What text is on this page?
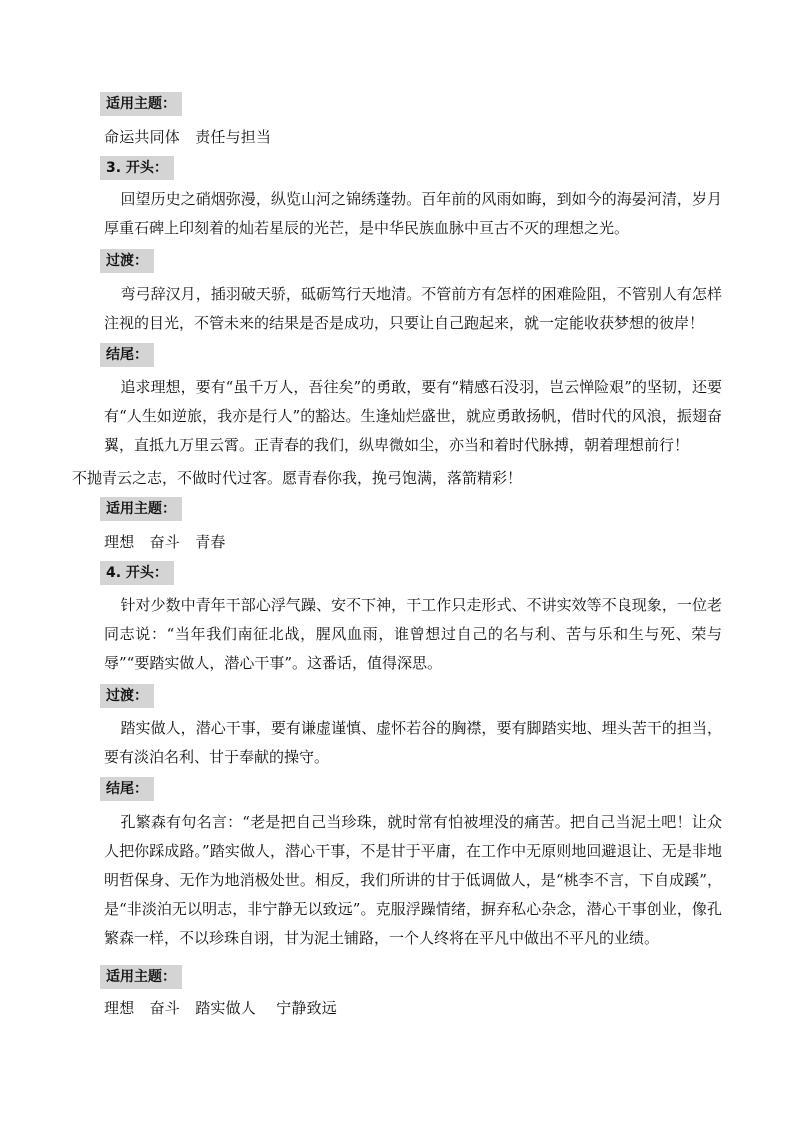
适用主题：
命运共同体　责任与担当
3. 开头：
回望历史之硝烟弥漫，纵览山河之锦绣蓬勃。百年前的风雨如晦，到如今的海晏河清，岁月厚重石碑上印刻着的灿若星辰的光芒，是中华民族血脉中亘古不灭的理想之光。
过渡：
弯弓辞汉月，插羽破天骄，砥砺笃行天地清。不管前方有怎样的困难险阻，不管别人有怎样注视的目光，不管未来的结果是否是成功，只要让自己跑起来，就一定能收获梦想的彼岸！
结尾：
追求理想，要有“虽千万人，吾往矣”的勇敢，要有“精感石没羽，岂云惮险艰”的坚韧，还要有“人生如逆旅，我亦是行人”的豁达。生逢灿烂盛世，就应勇敢扬帆，借时代的风浪，振翅奋翼，直抵九万里云霄。正青春的我们，纵卑微如尘，亦当和着时代脉搏，朝着理想前行！
不抛青云之志，不做时代过客。愿青春你我，挽弓饱满，落箭精彩！
适用主题：
理想　奋斗　青春
4. 开头：
针对少数中青年干部心浮气躁、安不下神，干工作只走形式、不讲实效等不良现象，一位老同志说：“当年我们南征北战，腥风血雨，谁曾想过自己的名与利、苦与乐和生与死、荣与辱”“要踏实做人，潜心干事”。这番话，值得深思。
过渡：
踏实做人，潜心干事，要有谦虚谨慎、虚怀若谷的胸襟，要有脚踏实地、埋头苦干的担当，要有淡泊名利、甘于奉献的操守。
结尾：
孔繁森有句名言：“老是把自己当珍珠，就时常有怕被埋没的痛苦。把自己当泥土吧！让众人把你踩成路。”踏实做人，潜心干事，不是甘于平庸，在工作中无原则地回避退让、无是非地明哲保身、无作为地消极处世。相反，我们所讲的甘于低调做人，是“桃李不言，下自成蹊”，是“非淡泊无以明志，非宁静无以致远”。克服浮躁情绪，摒弃私心杂念，潜心干事创业，像孔繁森一样，不以珍珠自诩，甘为泥土铺路，一个人终将在平凡中做出不平凡的业绩。
适用主题：
理想　奋斗　踏实做人　 宁静致远
